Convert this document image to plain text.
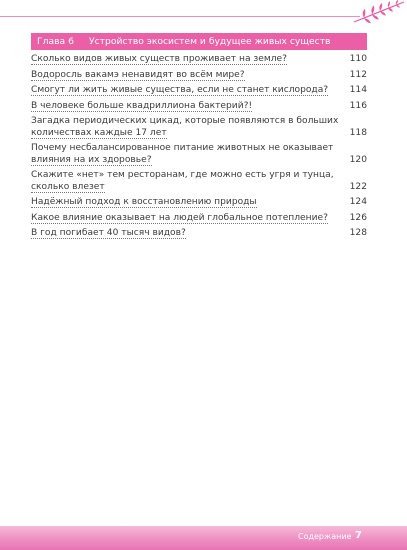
Глава 6 Устройство экосистем и будущее живых существ
Сколько видов живых существ проживает на земле?	110
Водоросль вакамэ ненавидят во всём мире?	112
Смогут ли жить живые существа, если не станет кислорода? 114
В человеке больше квадриллиона бактерий?!	116
Загадка периодических цикад, которые появляются в больших
количествах каждые 17 лет	118
Почему несбалансированное питание животных не оказывает
влияния на их здоровье?	120
Скажите «нет» тем ресторанам, где можно есть угря и тунца,
сколько влезет	122
Надёжный подход к восстановлению природы	124
Какое влияние оказывает на людей глобальное потепление? 126
В год погибает 40 тысяч видов?	128
Содержание 7
